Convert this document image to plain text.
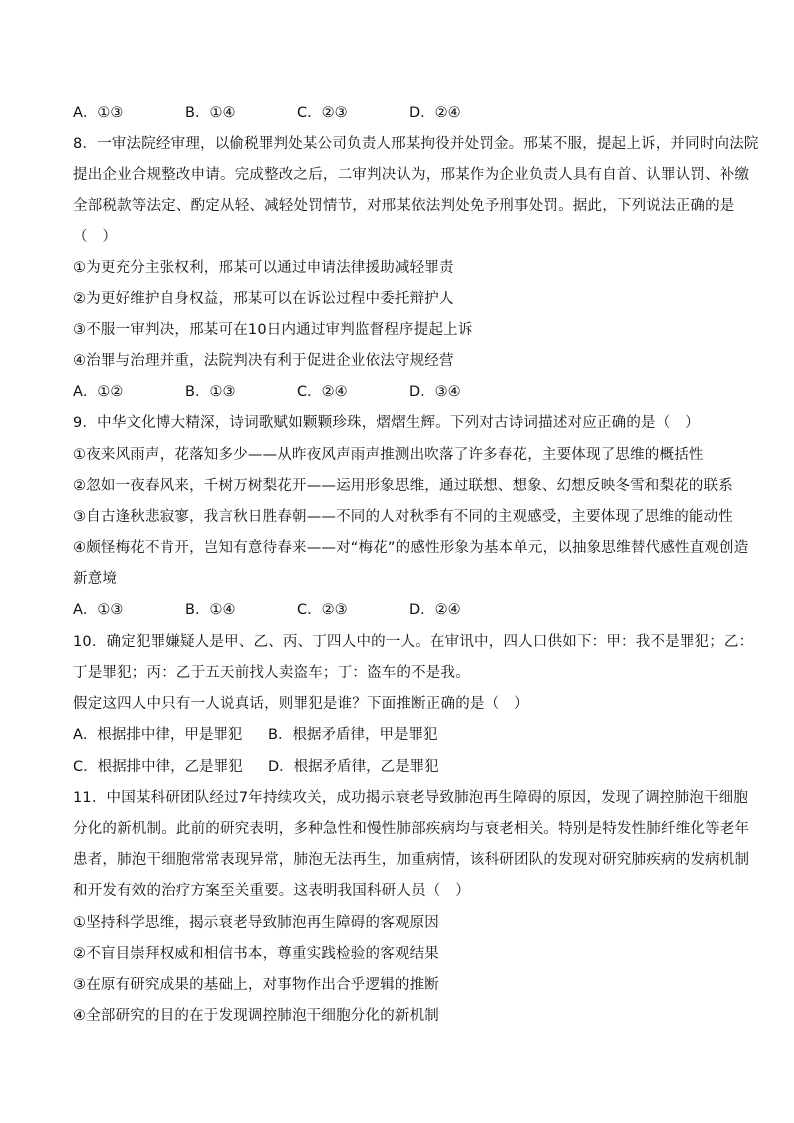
A．①③	B．①④	C．②③	D．②④
8．一审法院经审理，以偷税罪判处某公司负责人邢某拘役并处罚金。邢某不服，提起上诉，并同时向法院
提出企业合规整改申请。完成整改之后，二审判决认为，邢某作为企业负责人具有自首、认罪认罚、补缴
全部税款等法定、酌定从轻、减轻处罚情节，对邢某依法判处免予刑事处罚。据此，下列说法正确的是
（　）
①为更充分主张权利，邢某可以通过申请法律援助减轻罪责
②为更好维护自身权益，邢某可以在诉讼过程中委托辩护人
③不服一审判决，邢某可在10日内通过审判监督程序提起上诉
④治罪与治理并重，法院判决有利于促进企业依法守规经营
A．①②	B．①③	C．②④	D．③④
9．中华文化博大精深，诗词歌赋如颗颗珍珠，熠熠生辉。下列对古诗词描述对应正确的是（　）
①夜来风雨声，花落知多少——从昨夜风声雨声推测出吹落了许多春花，主要体现了思维的概括性
②忽如一夜春风来，千树万树梨花开——运用形象思维，通过联想、想象、幻想反映冬雪和梨花的联系
③自古逢秋悲寂寥，我言秋日胜春朝——不同的人对秋季有不同的主观感受，主要体现了思维的能动性
④颇怪梅花不肯开，岂知有意待春来——对“梅花”的感性形象为基本单元，以抽象思维替代感性直观创造
新意境
A．①③	B．①④	C．②③	D．②④
10．确定犯罪嫌疑人是甲、乙、丙、丁四人中的一人。在审讯中，四人口供如下：甲：我不是罪犯；乙：
丁是罪犯；丙：乙于五天前找人卖盗车；丁：盗车的不是我。
假定这四人中只有一人说真话，则罪犯是谁？下面推断正确的是（　）
A．根据排中律，甲是罪犯 B．根据矛盾律，甲是罪犯
C．根据排中律，乙是罪犯 D．根据矛盾律，乙是罪犯
11．中国某科研团队经过7年持续攻关，成功揭示衰老导致肺泡再生障碍的原因，发现了调控肺泡干细胞
分化的新机制。此前的研究表明，多种急性和慢性肺部疾病均与衰老相关。特别是特发性肺纤维化等老年
患者，肺泡干细胞常常表现异常，肺泡无法再生，加重病情，该科研团队的发现对研究肺疾病的发病机制
和开发有效的治疗方案至关重要。这表明我国科研人员（　）
①坚持科学思维，揭示衰老导致肺泡再生障碍的客观原因
②不盲目崇拜权威和相信书本，尊重实践检验的客观结果
③在原有研究成果的基础上，对事物作出合乎逻辑的推断
④全部研究的目的在于发现调控肺泡干细胞分化的新机制
